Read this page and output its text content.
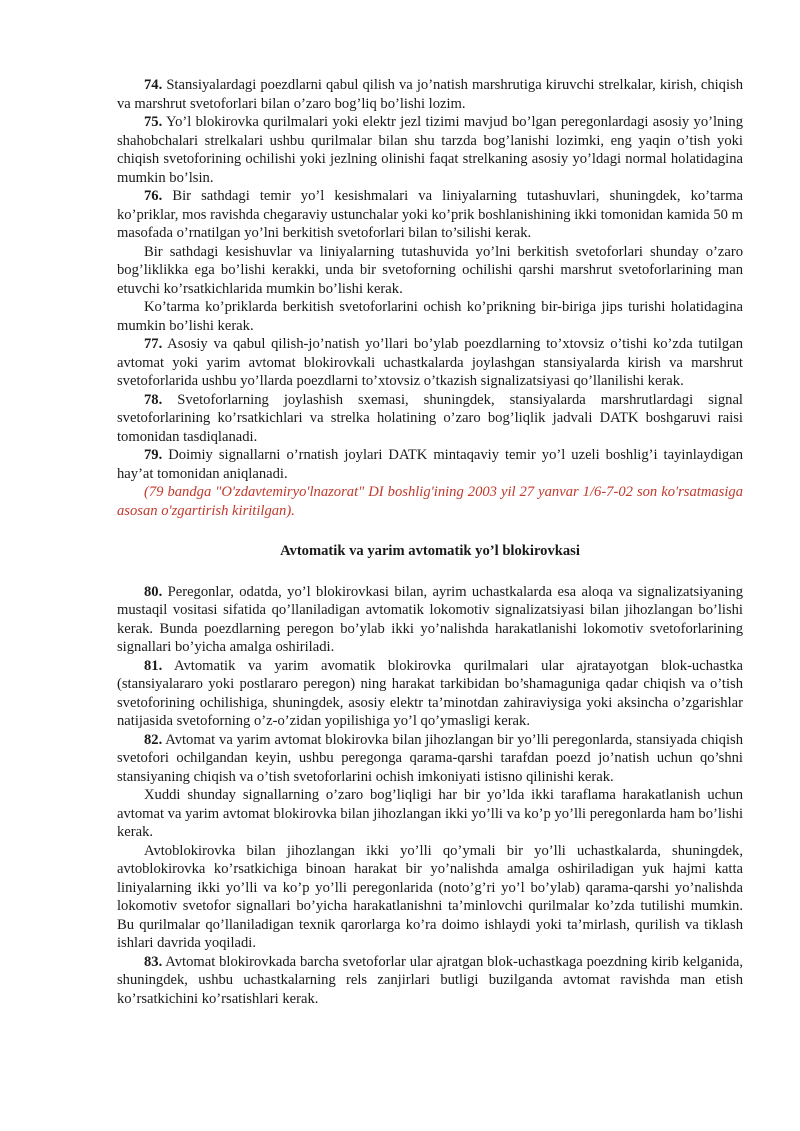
74. Stansiyalardagi poezdlarni qabul qilish va jo’natish marshrutiga kiruvchi strelkalar, kirish, chiqish va marshrut svetoforlari bilan o’zaro bog’liq bo’lishi lozim.

75. Yo’l blokirovka qurilmalari yoki elektr jezl tizimi mavjud bo’lgan peregonlardagi asosiy yo’lning shahobchalari strelkalari ushbu qurilmalar bilan shu tarzda bog’lanishi lozimki, eng yaqin o’tish yoki chiqish svetoforining ochilishi yoki jezlning olinishi faqat strelkaning asosiy yo’ldagi normal holatidagina mumkin bo’lsin.

76. Bir sathdagi temir yo’l kesishmalari va liniyalarning tutashuvlari, shuningdek, ko’tarma ko’priklar, mos ravishda chegaraviy ustunchalar yoki ko’prik boshlanishining ikki tomonidan kamida 50 m masofada o’rnatilgan yo’lni berkitish svetoforlari bilan to’silishi kerak.

Bir sathdagi kesishuvlar va liniyalarning tutashuvida yo’lni berkitish svetoforlari shunday o’zaro bog’liklikka ega bo’lishi kerakki, unda bir svetoforning ochilishi qarshi marshrut svetoforlarining man etuvchi ko’rsatkichlarida mumkin bo’lishi kerak.

Ko’tarma ko’priklarda berkitish svetoforlarini ochish ko’prikning bir-biriga jips turishi holatidagina mumkin bo’lishi kerak.

77. Asosiy va qabul qilish-jo’natish yo’llari bo’ylab poezdlarning to’xtovsiz o’tishi ko’zda tutilgan avtomat yoki yarim avtomat blokirovkali uchastkalarda joylashgan stansiyalarda kirish va marshrut svetoforlarida ushbu yo’llarda poezdlarni to’xtovsiz o’tkazish signalizatsiyasi qo’llanilishi kerak.

78. Svetoforlarning joylashish sxemasi, shuningdek, stansiyalarda marshrutlardagi signal svetoforlarining ko’rsatkichlari va strelka holatining o’zaro bog’liqlik jadvali DATK boshgaruvi raisi tomonidan tasdiqlanadi.

79. Doimiy signallarni o’rnatish joylari DATK mintaqaviy temir yo’l uzeli boshlig’i tayinlaydigan hay’at tomonidan aniqlanadi.

(79 bandga "O'zdavtemiryo'lnazorat" DI boshlig'ining 2003 yil 27 yanvar 1/6-7-02 son ko'rsatmasiga asosan o'zgartirish kiritilgan).

Avtomatik va yarim avtomatik yo’l blokirovkasi

80. Peregonlar, odatda, yo’l blokirovkasi bilan, ayrim uchastkalarda esa aloqa va signalizatsiyaning mustaqil vositasi sifatida qo’llaniladigan avtomatik lokomotiv signalizatsiyasi bilan jihozlangan bo’lishi kerak. Bunda poezdlarning peregon bo’ylab ikki yo’nalishda harakatlanishi lokomotiv svetoforlarining signallari bo’yicha amalga oshiriladi.

81. Avtomatik va yarim avomatik blokirovka qurilmalari ular ajratayotgan blok-uchastka (stansiyalararo yoki postlararo peregon) ning harakat tarkibidan bo’shamaguniga qadar chiqish va o’tish svetoforining ochilishiga, shuningdek, asosiy elektr ta’minotdan zahiraviysiga yoki aksincha o’zgarishlar natijasida svetoforning o’z-o’zidan yopilishiga yo’l qo’ymasligi kerak.

82. Avtomat va yarim avtomat blokirovka bilan jihozlangan bir yo’lli peregonlarda, stansiyada chiqish svetofori ochilgandan keyin, ushbu peregonga qarama-qarshi tarafdan poezd jo’natish uchun qo’shni stansiyaning chiqish va o’tish svetoforlarini ochish imkoniyati istisno qilinishi kerak.

Xuddi shunday signallarning o’zaro bog’liqligi har bir yo’lda ikki taraflama harakatlanish uchun avtomat va yarim avtomat blokirovka bilan jihozlangan ikki yo’lli va ko’p yo’lli peregonlarda ham bo’lishi kerak.

Avtoblokirovka bilan jihozlangan ikki yo’lli qo’ymali bir yo’lli uchastkalarda, shuningdek, avtoblokirovka ko’rsatkichiga binoan harakat bir yo’nalishda amalga oshiriladigan yuk hajmi katta liniyalarning ikki yo’lli va ko’p yo’lli peregonlarida (noto’g’ri yo’l bo’ylab) qarama-qarshi yo’nalishda lokomotiv svetofor signallari bo’yicha harakatlanishni ta’minlovchi qurilmalar ko’zda tutilishi mumkin. Bu qurilmalar qo’llaniladigan texnik qarorlarga ko’ra doimo ishlaydi yoki ta’mirlash, qurilish va tiklash ishlari davrida yoqiladi.

83. Avtomat blokirovkada barcha svetoforlar ular ajratgan blok-uchastkaga poezdning kirib kelganida, shuningdek, ushbu uchastkalarning rels zanjirlari butligi buzilganda avtomat ravishda man etish ko’rsatkichini ko’rsatishlari kerak.
